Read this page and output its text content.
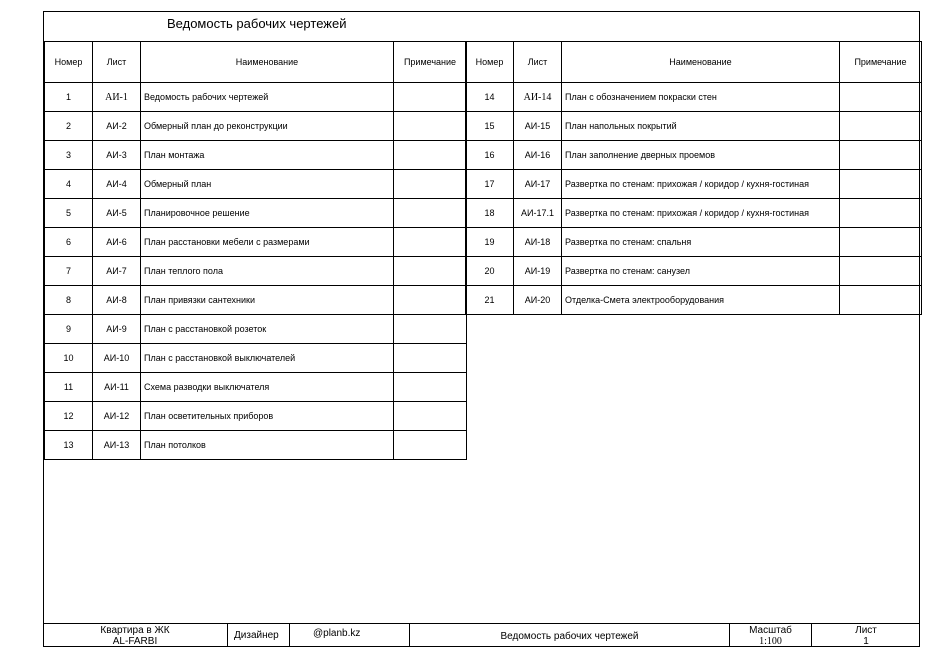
Ведомость рабочих чертежей
Номер	Лист	Наименование	Примечание
1	АИ-1	Ведомость рабочих чертежей	
2	АИ-2	Обмерный план до реконструкции	
3	АИ-3	План монтажа	
4	АИ-4	Обмерный план	
5	АИ-5	Планировочное решение	
6	АИ-6	План расстановки мебели с размерами	
7	АИ-7	План теплого пола	
8	АИ-8	План привязки сантехники	
9	АИ-9	План с расстановкой розеток	
10	АИ-10	План с расстановкой выключателей	
11	АИ-11	Схема разводки выключателя	
12	АИ-12	План осветительных приборов	
13	АИ-13	План потолков	
Номер	Лист	Наименование	Примечание
14	АИ-14	План с обозначением покраски стен	
15	АИ-15	План напольных покрытий	
16	АИ-16	План заполнение дверных проемов	
17	АИ-17	Развертка по стенам: прихожая / коридор / кухня-гостиная	
18	АИ-17.1	Развертка по стенам: прихожая / коридор / кухня-гостиная	
19	АИ-18	Развертка по стенам: спальня	
20	АИ-19	Развертка по стенам: санузел	
21	АИ-20	Отделка-Смета электрооборудования	
Квартира в ЖК
AL-FARBI
Дизайнер	@planb.kz	Ведомость рабочих чертежей
Масштаб
1:100
Лист
1
